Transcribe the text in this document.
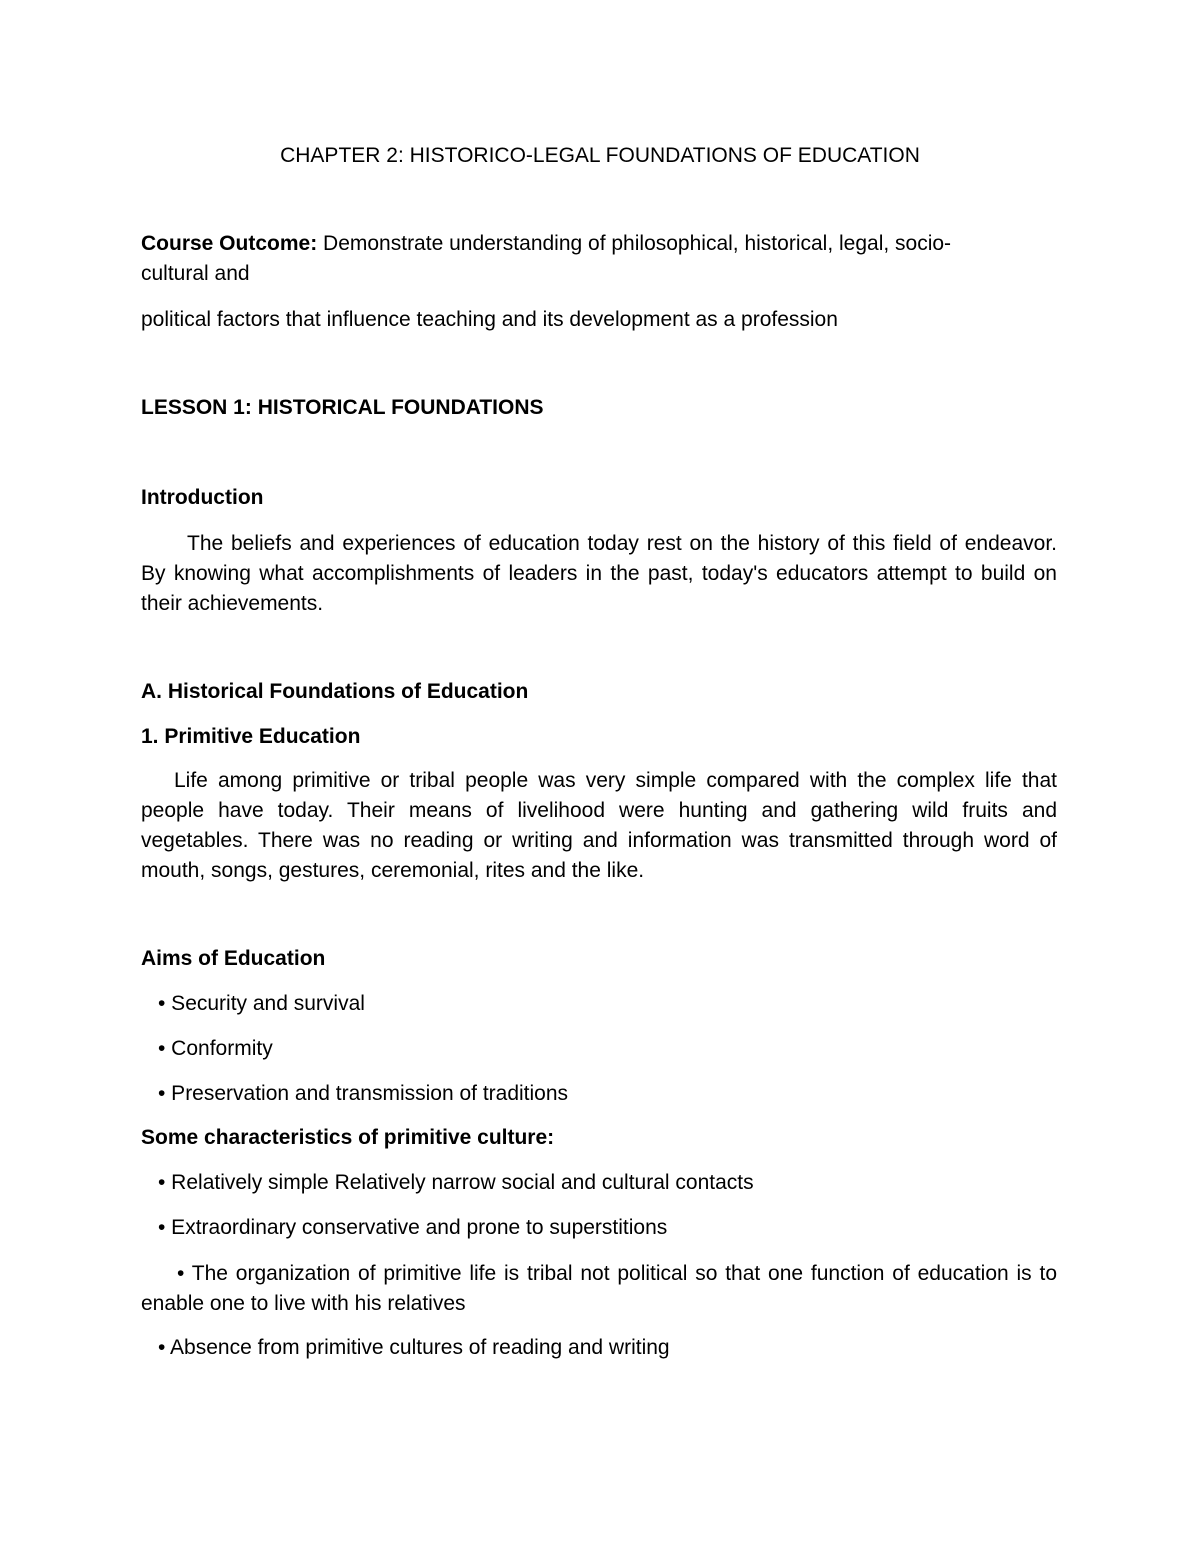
CHAPTER 2: HISTORICO-LEGAL FOUNDATIONS OF EDUCATION
Course Outcome: Demonstrate understanding of philosophical, historical, legal, socio-
cultural and
political factors that influence teaching and its development as a profession
LESSON 1: HISTORICAL FOUNDATIONS
Introduction
The beliefs and experiences of education today rest on the history of this field of endeavor. By knowing what accomplishments of leaders in the past, today's educators attempt to build on their achievements.
A. Historical Foundations of Education
1. Primitive Education
Life among primitive or tribal people was very simple compared with the complex life that people have today. Their means of livelihood were hunting and gathering wild fruits and vegetables. There was no reading or writing and information was transmitted through word of mouth, songs, gestures, ceremonial, rites and the like.
Aims of Education
• Security and survival
• Conformity
• Preservation and transmission of traditions
Some characteristics of primitive culture:
• Relatively simple Relatively narrow social and cultural contacts
• Extraordinary conservative and prone to superstitions
• The organization of primitive life is tribal not political so that one function of education is to enable one to live with his relatives
• Absence from primitive cultures of reading and writing
